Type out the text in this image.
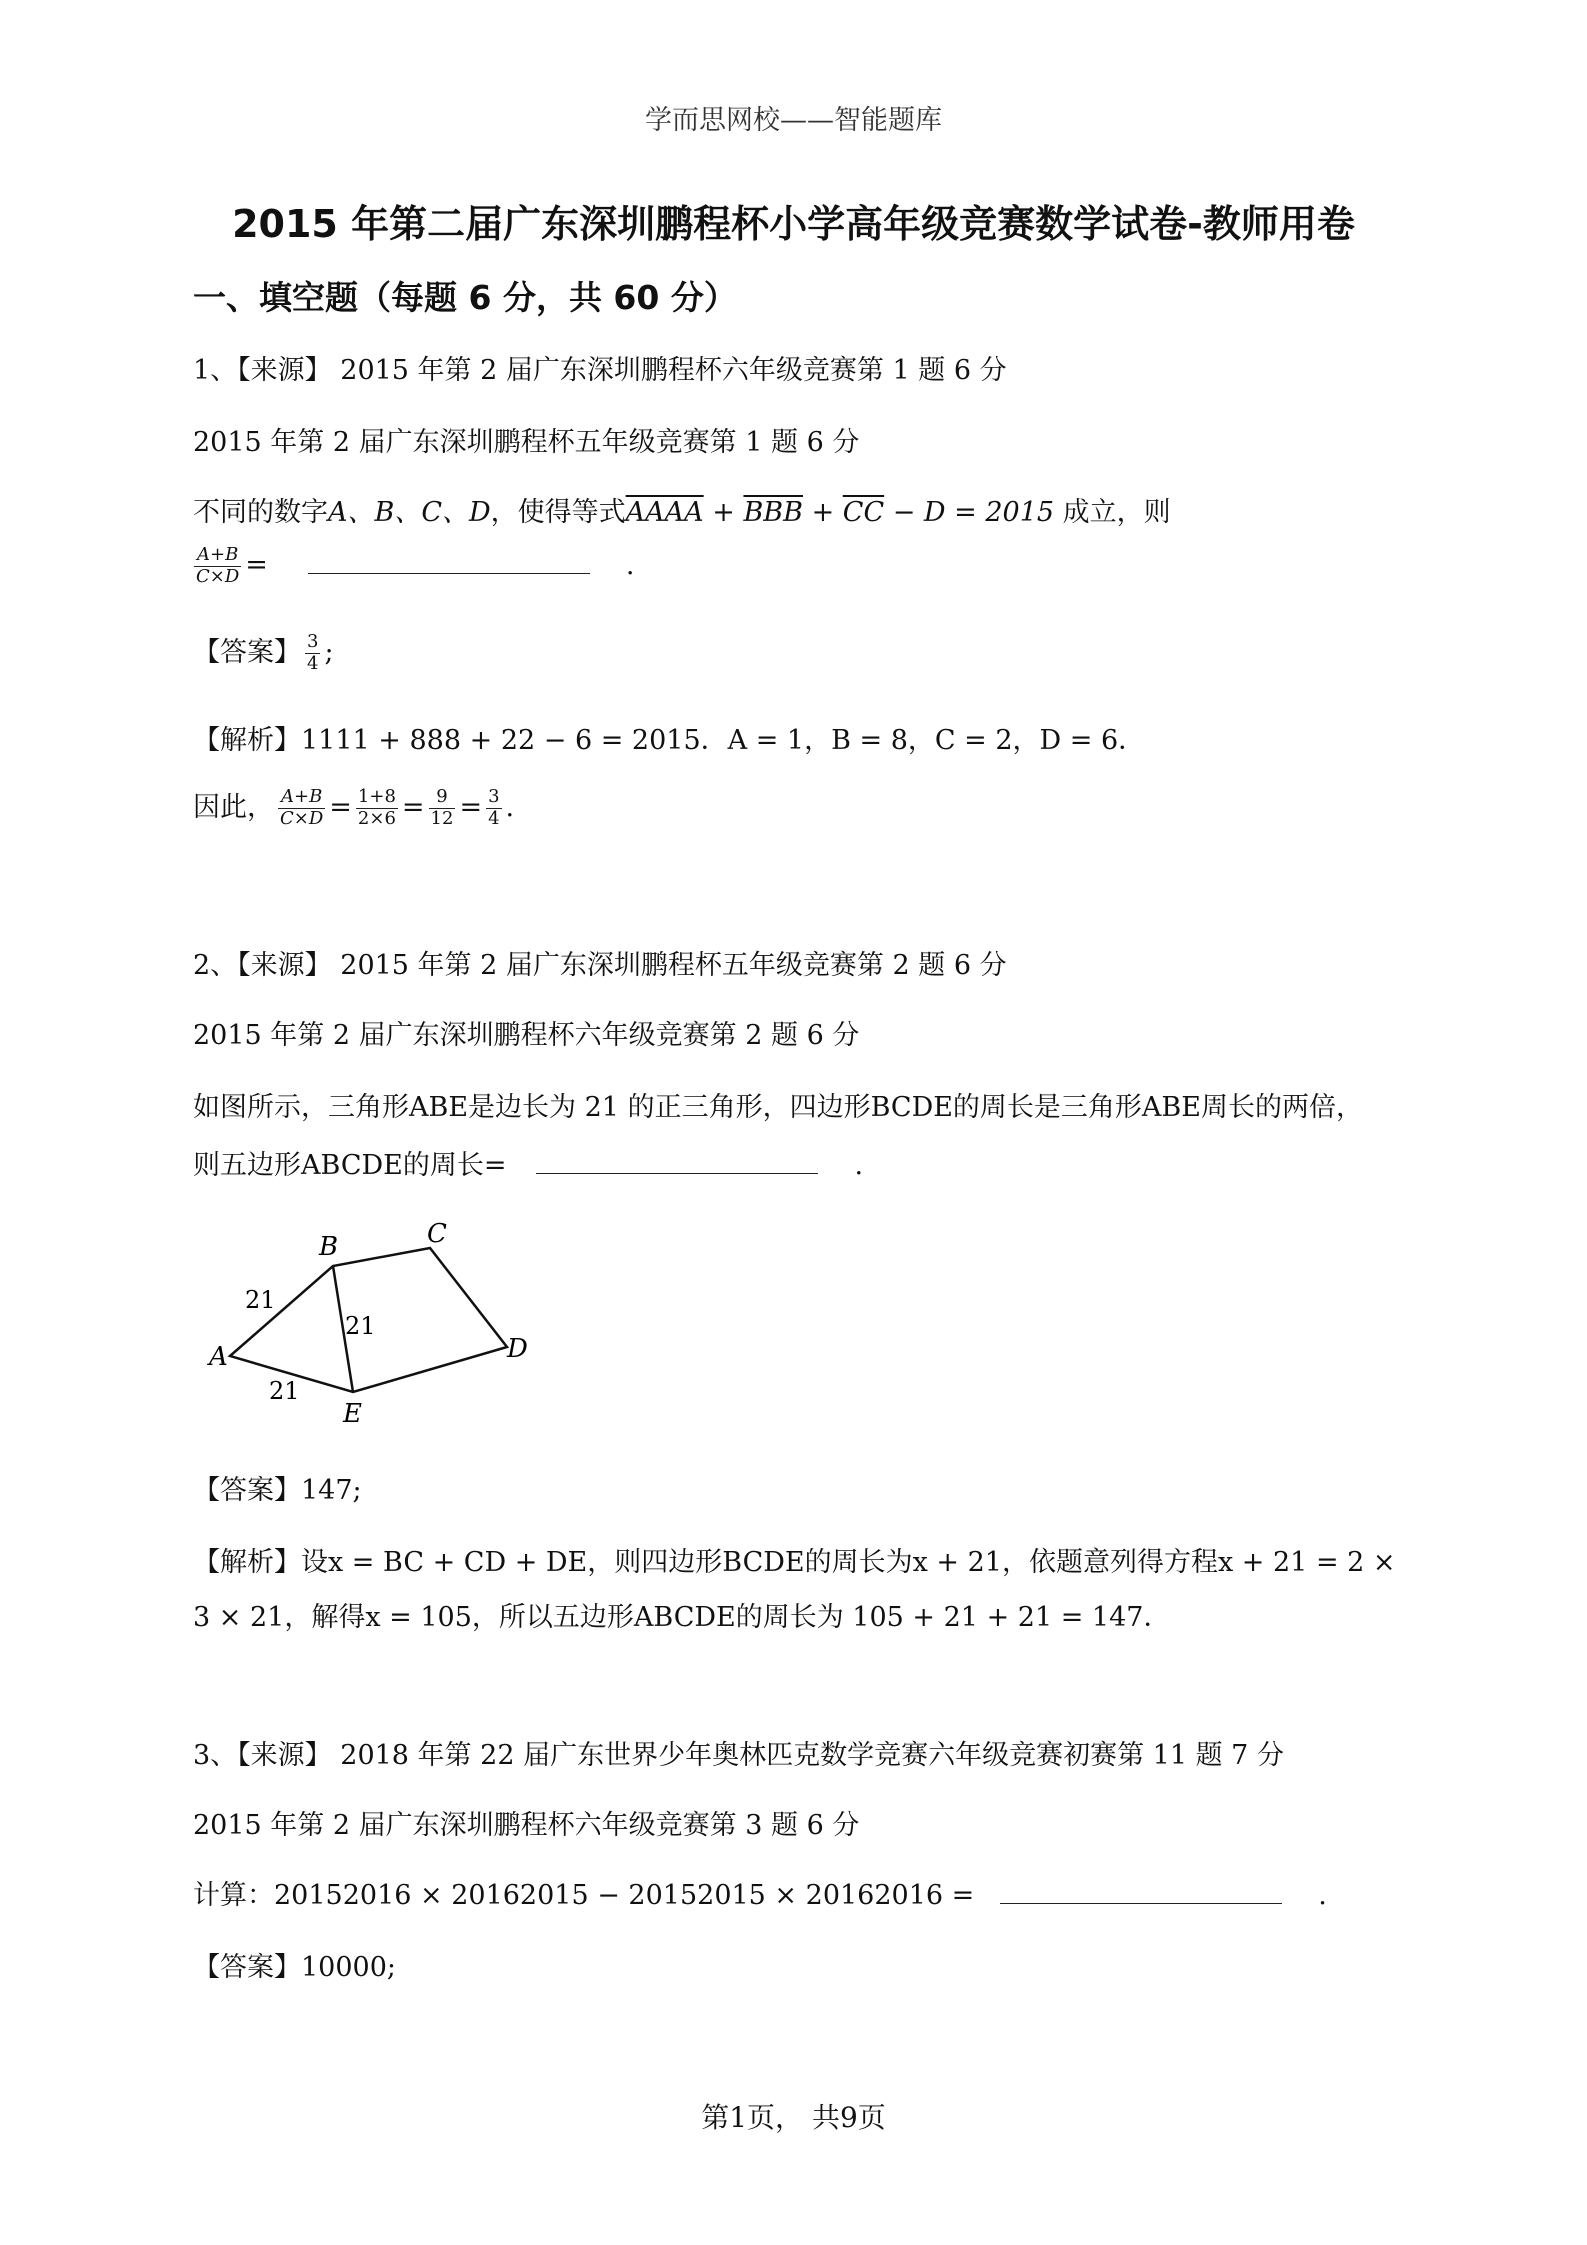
学而思网校——智能题库
2015 年第二届广东深圳鹏程杯小学高年级竞赛数学试卷-教师用卷
一、填空题（每题 6 分，共 60 分）
1、【来源】 2015 年第 2 届广东深圳鹏程杯六年级竞赛第 1 题 6 分
2015 年第 2 届广东深圳鹏程杯五年级竞赛第 1 题 6 分
不同的数字A、B、C、D，使得等式AAAA + $\overline{BBB} + \overline{CC} - D = 2015$ 成立，则
$\frac{A+B}{C\times D}$ =	.
【答案】 $\frac{3}{4}$ ;
【解析】1111 + 888 + 22 − 6 = 2015．A = 1，B = 8，C = 2，D = 6．
因此， $\frac{A+B}{C\times D} = \frac{1+8}{2\times 6} = \frac{9}{12} = \frac{3}{4}$ .
2、【来源】 2015 年第 2 届广东深圳鹏程杯五年级竞赛第 2 题 6 分
2015 年第 2 届广东深圳鹏程杯六年级竞赛第 2 题 6 分
如图所示，三角形ABE是边长为 21 的正三角形，四边形BCDE的周长是三角形ABE周长的两倍，
则五边形ABCDE的周长=	.
A
B	C
D
E
21
21
21
【答案】147;
【解析】设x = BC + CD + DE，则四边形BCDE的周长为x + 21，依题意列得方程x + 21 = 2 ×
3 × 21，解得x = 105，所以五边形ABCDE的周长为 105 + 21 + 21 = 147．
3、【来源】 2018 年第 22 届广东世界少年奥林匹克数学竞赛六年级竞赛初赛第 11 题 7 分
2015 年第 2 届广东深圳鹏程杯六年级竞赛第 3 题 6 分
计算：20152016 × 20162015 − 20152015 × 20162016 =	.
【答案】10000;
第1页， 共9页
